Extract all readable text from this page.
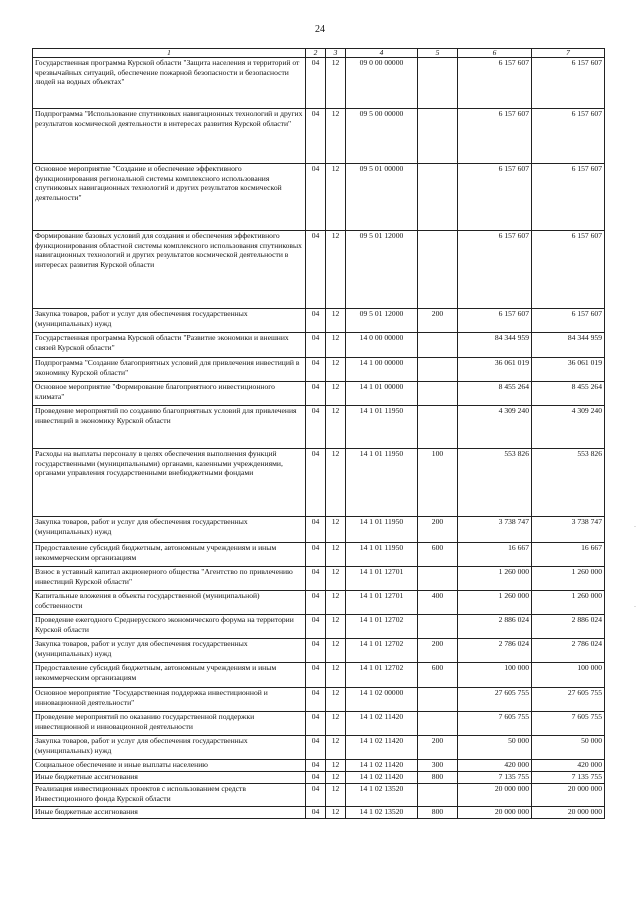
24
1	2	3	4	5	6	7
Государственная программа Курской области "Защита населения и территорий от чрезвычайных ситуаций, обеспечение пожарной безопасности и безопасности людей на водных объектах"	04	12	09 0 00 00000		6 157 607	6 157 607
Подпрограмма "Использование спутниковых навигационных технологий и других результатов космической деятельности в интересах развития Курской области"	04	12	09 5 00 00000		6 157 607	6 157 607
Основное мероприятие "Создание и обеспечение эффективного функционирования региональной системы комплексного использования спутниковых навигационных технологий и других результатов космической деятельности"	04	12	09 5 01 00000		6 157 607	6 157 607
Формирование базовых условий для создания и обеспечения эффективного функционирования областной системы комплексного использования спутниковых навигационных технологий и других результатов космической деятельности в интересах развития Курской области	04	12	09 5 01 12000		6 157 607	6 157 607
Закупка товаров, работ и услуг для обеспечения государственных (муниципальных) нужд	04	12	09 5 01 12000	200	6 157 607	6 157 607
Государственная программа Курской области "Развитие экономики и внешних связей Курской области"	04	12	14 0 00 00000		84 344 959	84 344 959
Подпрограмма "Создание благоприятных условий для привлечения инвестиций в экономику Курской области"	04	12	14 1 00 00000		36 061 019	36 061 019
Основное мероприятие "Формирование благоприятного инвестиционного климата"	04	12	14 1 01 00000		8 455 264	8 455 264
Проведение мероприятий по созданию благоприятных условий для привлечения инвестиций в экономику Курской области	04	12	14 1 01 11950		4 309 240	4 309 240
Расходы на выплаты персоналу в целях обеспечения выполнения функций государственными (муниципальными) органами, казенными учреждениями, органами управления государственными внебюджетными фондами	04	12	14 1 01 11950	100	553 826	553 826
Закупка товаров, работ и услуг для обеспечения государственных (муниципальных) нужд	04	12	14 1 01 11950	200	3 738 747	3 738 747
Предоставление субсидий бюджетным, автономным учреждениям и иным некоммерческим организациям	04	12	14 1 01 11950	600	16 667	16 667
Взнос в уставный капитал акционерного общества "Агентство по привлечению инвестиций Курской области"	04	12	14 1 01 12701		1 260 000	1 260 000
Капитальные вложения в объекты государственной (муниципальной) собственности	04	12	14 1 01 12701	400	1 260 000	1 260 000
Проведение ежегодного Среднерусского экономического форума на территории Курской области	04	12	14 1 01 12702		2 886 024	2 886 024
Закупка товаров, работ и услуг для обеспечения государственных (муниципальных) нужд	04	12	14 1 01 12702	200	2 786 024	2 786 024
Предоставление субсидий бюджетным, автономным учреждениям и иным некоммерческим организациям	04	12	14 1 01 12702	600	100 000	100 000
Основное мероприятие "Государственная поддержка инвестиционной и инновационной деятельности"	04	12	14 1 02 00000		27 605 755	27 605 755
Проведение мероприятий по оказанию государственной поддержки инвестиционной и инновационной деятельности	04	12	14 1 02 11420		7 605 755	7 605 755
Закупка товаров, работ и услуг для обеспечения государственных (муниципальных) нужд	04	12	14 1 02 11420	200	50 000	50 000
Социальное обеспечение и иные выплаты населению	04	12	14 1 02 11420	300	420 000	420 000
Иные бюджетные ассигнования	04	12	14 1 02 11420	800	7 135 755	7 135 755
Реализация инвестиционных проектов с использованием средств Инвестиционного фонда Курской области	04	12	14 1 02 13520		20 000 000	20 000 000
Иные бюджетные ассигнования	04	12	14 1 02 13520	800	20 000 000	20 000 000
.
.
